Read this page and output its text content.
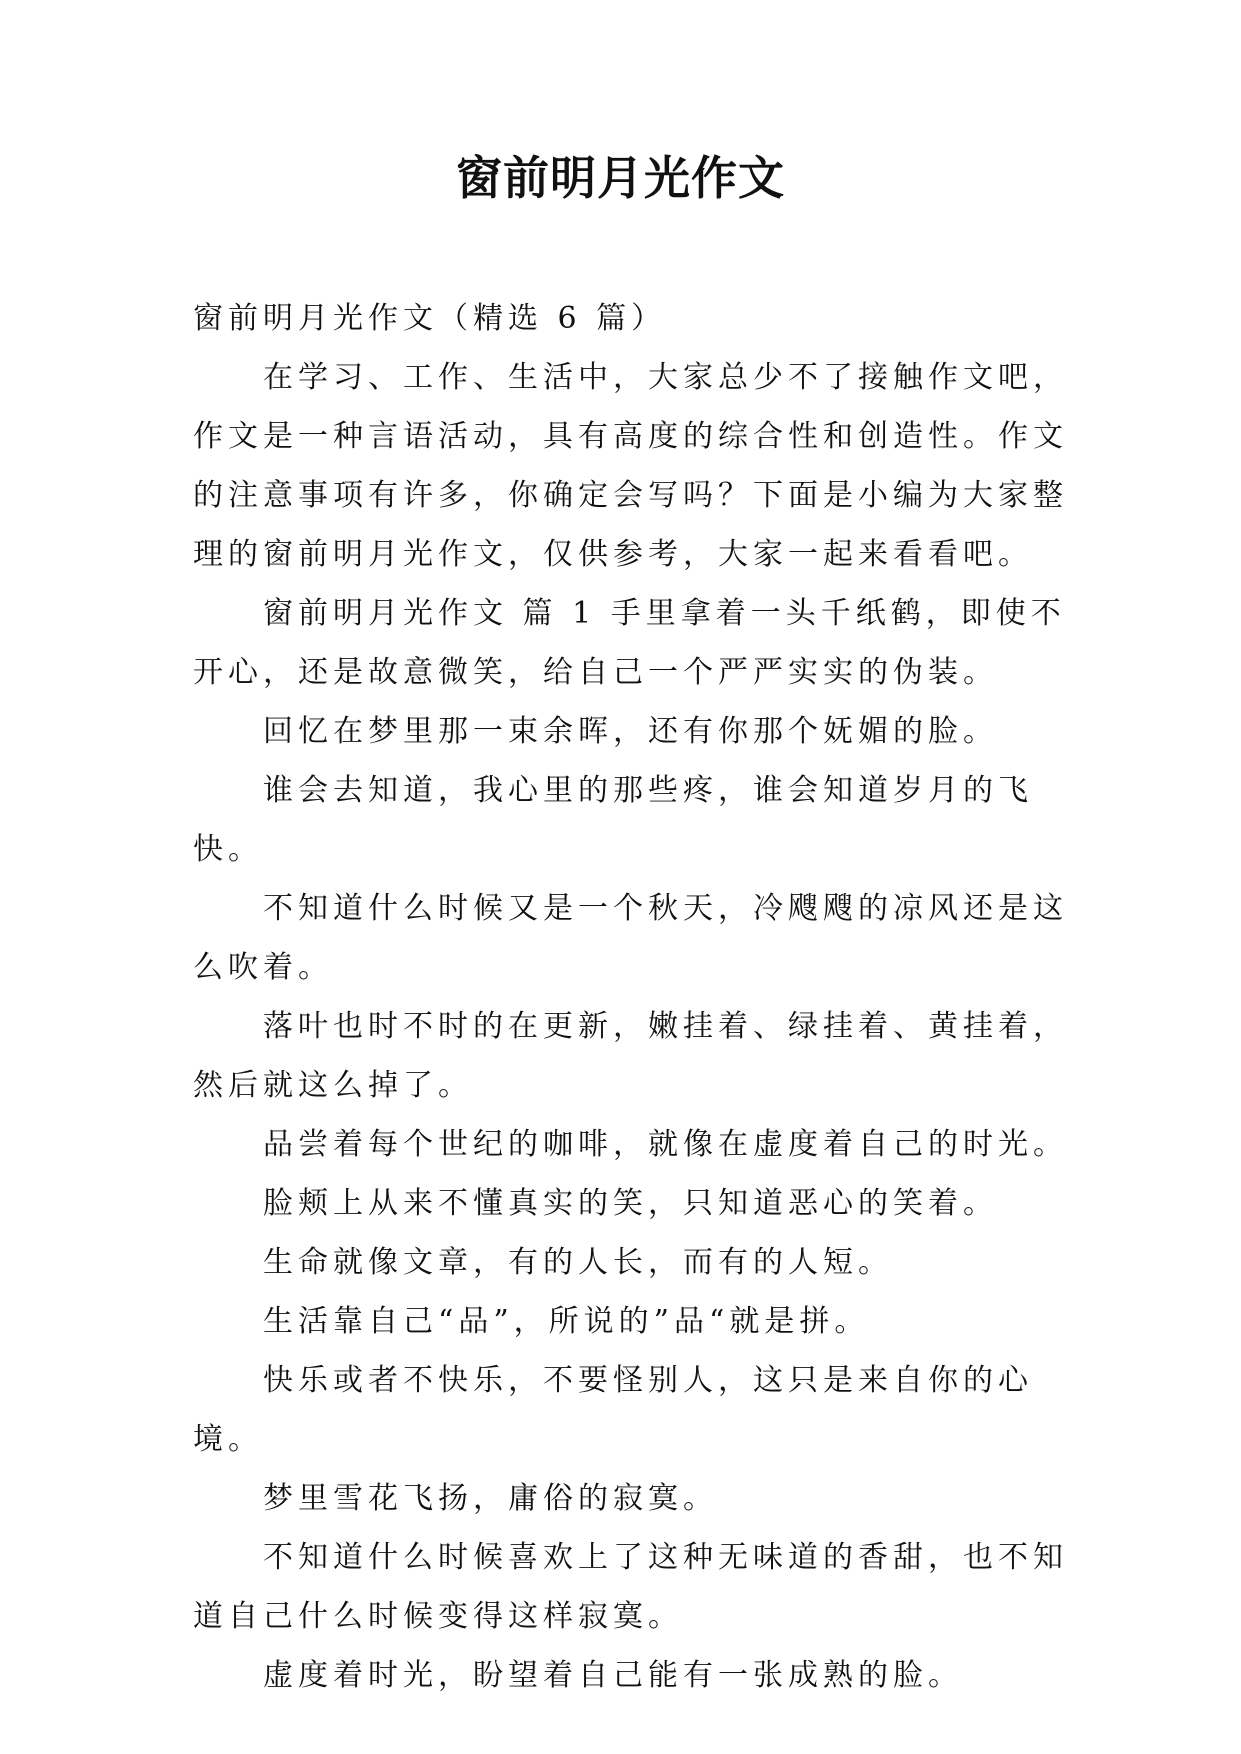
窗前明月光作文

窗前明月光作文（精选 6 篇）

在学习、工作、生活中，大家总少不了接触作文吧，作文是一种言语活动，具有高度的综合性和创造性。作文的注意事项有许多，你确定会写吗？下面是小编为大家整理的窗前明月光作文，仅供参考，大家一起来看看吧。

窗前明月光作文 篇 1 手里拿着一头千纸鹤，即使不开心，还是故意微笑，给自己一个严严实实的伪装。

回忆在梦里那一束余晖，还有你那个妩媚的脸。

谁会去知道，我心里的那些疼，谁会知道岁月的飞快。

不知道什么时候又是一个秋天，冷飕飕的凉风还是这么吹着。

落叶也时不时的在更新，嫩挂着、绿挂着、黄挂着，然后就这么掉了。

品尝着每个世纪的咖啡，就像在虚度着自己的时光。

脸颊上从来不懂真实的笑，只知道恶心的笑着。

生命就像文章，有的人长，而有的人短。

生活靠自己“品”，所说的”品“就是拼。

快乐或者不快乐，不要怪别人，这只是来自你的心境。

梦里雪花飞扬，庸俗的寂寞。

不知道什么时候喜欢上了这种无味道的香甜，也不知道自己什么时候变得这样寂寞。

虚度着时光，盼望着自己能有一张成熟的脸。
